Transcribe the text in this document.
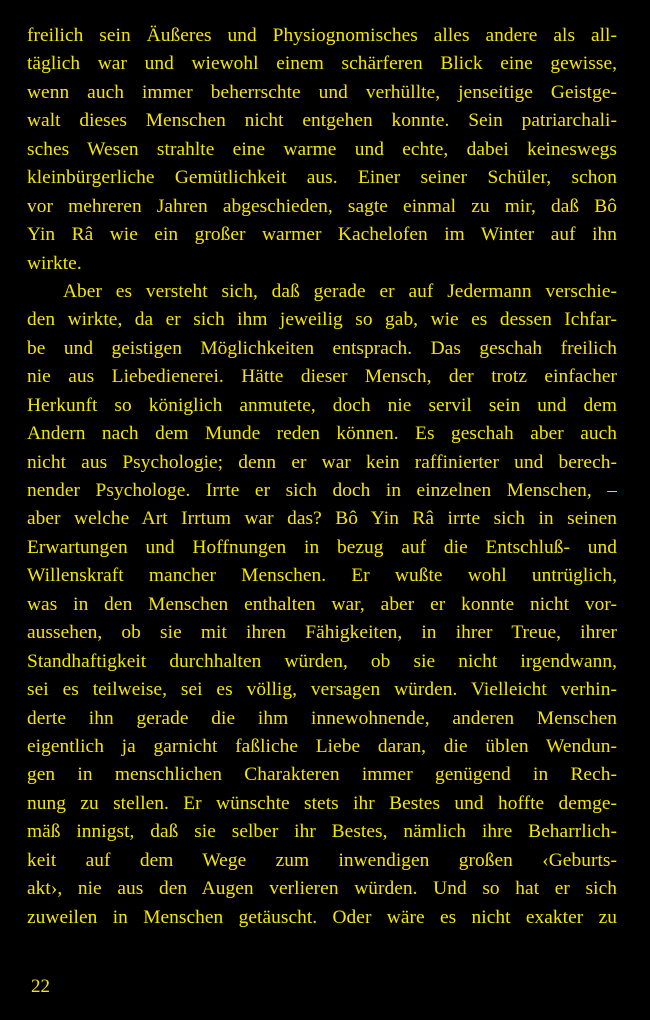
freilich sein Äußeres und Physiognomisches alles andere als all-
täglich war und wiewohl einem schärferen Blick eine gewisse,
wenn auch immer beherrschte und verhüllte, jenseitige Geistge-
walt dieses Menschen nicht entgehen konnte. Sein patriarchali-
sches Wesen strahlte eine warme und echte, dabei keineswegs
kleinbürgerliche Gemütlichkeit aus. Einer seiner Schüler, schon
vor mehreren Jahren abgeschieden, sagte einmal zu mir, daß Bô
Yin Râ wie ein großer warmer Kachelofen im Winter auf ihn
wirkte.
Aber es versteht sich, daß gerade er auf Jedermann verschie-
den wirkte, da er sich ihm jeweilig so gab, wie es dessen Ichfar-
be und geistigen Möglichkeiten entsprach. Das geschah freilich
nie aus Liebedienerei. Hätte dieser Mensch, der trotz einfacher
Herkunft so königlich anmutete, doch nie servil sein und dem
Andern nach dem Munde reden können. Es geschah aber auch
nicht aus Psychologie; denn er war kein raffinierter und berech-
nender Psychologe. Irrte er sich doch in einzelnen Menschen, –
aber welche Art Irrtum war das? Bô Yin Râ irrte sich in seinen
Erwartungen und Hoffnungen in bezug auf die Entschluß- und
Willenskraft mancher Menschen. Er wußte wohl untrüglich,
was in den Menschen enthalten war, aber er konnte nicht vor-
aussehen, ob sie mit ihren Fähigkeiten, in ihrer Treue, ihrer
Standhaftigkeit durchhalten würden, ob sie nicht irgendwann,
sei es teilweise, sei es völlig, versagen würden. Vielleicht verhin-
derte ihn gerade die ihm innewohnende, anderen Menschen
eigentlich ja garnicht faßliche Liebe daran, die üblen Wendun-
gen in menschlichen Charakteren immer genügend in Rech-
nung zu stellen. Er wünschte stets ihr Bestes und hoffte demge-
mäß innigst, daß sie selber ihr Bestes, nämlich ihre Beharrlich-
keit auf dem Wege zum inwendigen großen ‹Geburts-
akt›, nie aus den Augen verlieren würden. Und so hat er sich
zuweilen in Menschen getäuscht. Oder wäre es nicht exakter zu
22
